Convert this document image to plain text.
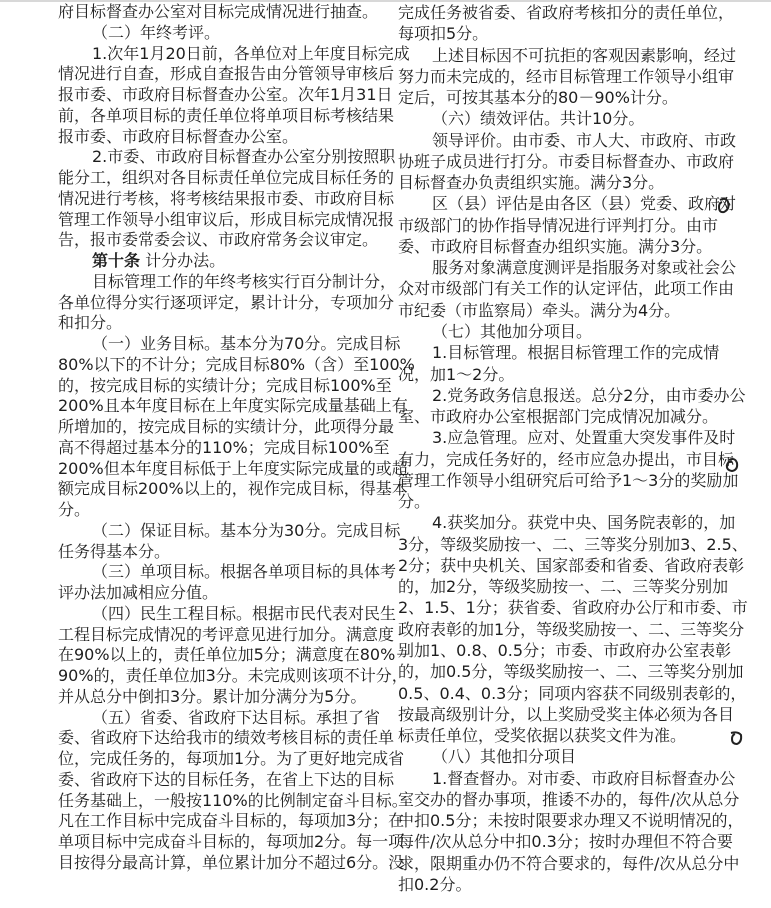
府目标督查办公室对目标完成情况进行抽查。
（二）年终考评。
1.次年1月20日前，各单位对上年度目标完成
情况进行自查，形成自查报告由分管领导审核后
报市委、市政府目标督查办公室。次年1月31日
前，各单项目标的责任单位将单项目标考核结果
报市委、市政府目标督查办公室。
2.市委、市政府目标督查办公室分别按照职
能分工，组织对各目标责任单位完成目标任务的
情况进行考核，将考核结果报市委、市政府目标
管理工作领导小组审议后，形成目标完成情况报
告，报市委常委会议、市政府常务会议审定。
第十条 计分办法。
目标管理工作的年终考核实行百分制计分，
各单位得分实行逐项评定，累计计分，专项加分
和扣分。
（一）业务目标。基本分为70分。完成目标
80%以下的不计分；完成目标80%（含）至100%
的，按完成目标的实绩计分；完成目标100%至
200%且本年度目标在上年度实际完成量基础上有
所增加的，按完成目标的实绩计分，此项得分最
高不得超过基本分的110%；完成目标100%至
200%但本年度目标低于上年度实际完成量的或超
额完成目标200%以上的，视作完成目标，得基本
分。
（二）保证目标。基本分为30分。完成目标
任务得基本分。
（三）单项目标。根据各单项目标的具体考
评办法加减相应分值。
（四）民生工程目标。根据市民代表对民生
工程目标完成情况的考评意见进行加分。满意度
在90%以上的，责任单位加5分；满意度在80%－
90%的，责任单位加3分。未完成则该项不计分，
并从总分中倒扣3分。累计加分满分为5分。
（五）省委、省政府下达目标。承担了省
委、省政府下达给我市的绩效考核目标的责任单
位，完成任务的，每项加1分。为了更好地完成省
委、省政府下达的目标任务，在省上下达的目标
任务基础上，一般按110%的比例制定奋斗目标。
凡在工作目标中完成奋斗目标的，每项加3分；在
单项目标中完成奋斗目标的，每项加2分。每一项
目按得分最高计算，单位累计加分不超过6分。没
完成任务被省委、省政府考核扣分的责任单位，
每项扣5分。
上述目标因不可抗拒的客观因素影响，经过
努力而未完成的，经市目标管理工作领导小组审
定后，可按其基本分的80－90%计分。
（六）绩效评估。共计10分。
领导评价。由市委、市人大、市政府、市政
协班子成员进行打分。市委目标督查办、市政府
目标督查办负责组织实施。满分3分。
区（县）评估是由各区（县）党委、政府对
市级部门的协作指导情况进行评判打分。由市
委、市政府目标督查办组织实施。满分3分。
服务对象满意度测评是指服务对象或社会公
众对市级部门有关工作的认定评估，此项工作由
市纪委（市监察局）牵头。满分为4分。
（七）其他加分项目。
1.目标管理。根据目标管理工作的完成情
况，加1～2分。
2.党务政务信息报送。总分2分，由市委办公
室、市政府办公室根据部门完成情况加减分。
3.应急管理。应对、处置重大突发事件及时
有力，完成任务好的，经市应急办提出，市目标
管理工作领导小组研究后可给予1～3分的奖励加
分。
4.获奖加分。获党中央、国务院表彰的，加
3分，等级奖励按一、二、三等奖分别加3、2.5、
2分；获中央机关、国家部委和省委、省政府表彰
的，加2分，等级奖励按一、二、三等奖分别加
2、1.5、1分；获省委、省政府办公厅和市委、市
政府表彰的加1分，等级奖励按一、二、三等奖分
别加1、0.8、0.5分；市委、市政府办公室表彰
的，加0.5分，等级奖励按一、二、三等奖分别加
0.5、0.4、0.3分；同项内容获不同级别表彰的，
按最高级别计分，以上奖励受奖主体必须为各目
标责任单位，受奖依据以获奖文件为准。
（八）其他扣分项目
1.督查督办。对市委、市政府目标督查办公
室交办的督办事项，推诿不办的，每件/次从总分
中扣0.5分；未按时限要求办理又不说明情况的，
每件/次从总分中扣0.3分；按时办理但不符合要
求，限期重办仍不符合要求的，每件/次从总分中
扣0.2分。
